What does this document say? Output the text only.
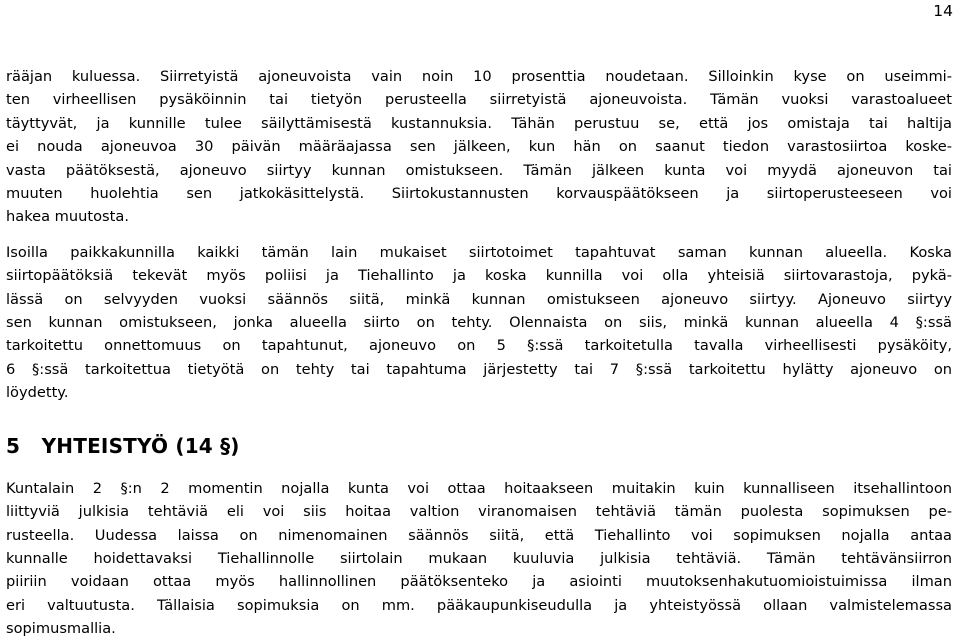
14

rääjan kuluessa. Siirretyistä ajoneuvoista vain noin 10 prosenttia noudetaan. Silloinkin kyse on useimmi-
ten virheellisen pysäköinnin tai tietyön perusteella siirretyistä ajoneuvoista. Tämän vuoksi varastoalueet
täyttyvät, ja kunnille tulee säilyttämisestä kustannuksia. Tähän perustuu se, että jos omistaja tai haltija
ei nouda ajoneuvoa 30 päivän määräajassa sen jälkeen, kun hän on saanut tiedon varastosiirtoa koske-
vasta päätöksestä, ajoneuvo siirtyy kunnan omistukseen. Tämän jälkeen kunta voi myydä ajoneuvon tai
muuten huolehtia sen jatkokäsittelystä. Siirtokustannusten korvauspäätökseen ja siirtoperusteeseen voi
hakea muutosta.

Isoilla paikkakunnilla kaikki tämän lain mukaiset siirtotoimet tapahtuvat saman kunnan alueella. Koska
siirtopäätöksiä tekevät myös poliisi ja Tiehallinto ja koska kunnilla voi olla yhteisiä siirtovarastoja, pykä-
lässä on selvyyden vuoksi säännös siitä, minkä kunnan omistukseen ajoneuvo siirtyy. Ajoneuvo siirtyy
sen kunnan omistukseen, jonka alueella siirto on tehty. Olennaista on siis, minkä kunnan alueella 4 §:ssä
tarkoitettu onnettomuus on tapahtunut, ajoneuvo on 5 §:ssä tarkoitetulla tavalla virheellisesti pysäköity,
6 §:ssä tarkoitettua tietyötä on tehty tai tapahtuma järjestetty tai 7 §:ssä tarkoitettu hylätty ajoneuvo on
löydetty.

5   YHTEISTYÖ (14 §)

Kuntalain 2 §:n 2 momentin nojalla kunta voi ottaa hoitaakseen muitakin kuin kunnalliseen itsehallintoon
liittyviä julkisia tehtäviä eli voi siis hoitaa valtion viranomaisen tehtäviä tämän puolesta sopimuksen pe-
rusteella. Uudessa laissa on nimenomainen säännös siitä, että Tiehallinto voi sopimuksen nojalla antaa
kunnalle hoidettavaksi Tiehallinnolle siirtolain mukaan kuuluvia julkisia tehtäviä. Tämän tehtävänsiirron
piiriin voidaan ottaa myös hallinnollinen päätöksenteko ja asiointi muutoksenhakutuomioistuimissa ilman
eri valtuutusta. Tällaisia sopimuksia on mm. pääkaupunkiseudulla ja yhteistyössä ollaan valmistelemassa
sopimusmallia.
